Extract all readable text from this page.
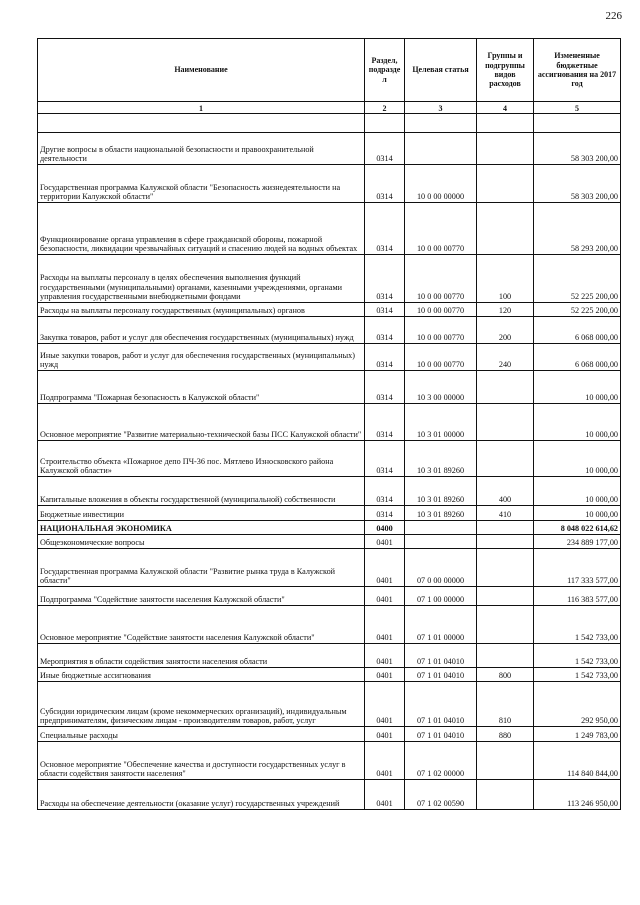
226
Наименование	Раздел, подразде л	Целевая статья	Группы и подгруппы видов расходов	Измененные бюджетные ассигнования на 2017 год
1	2	3	4	5

Другие вопросы в области национальной безопасности и правоохранительной деятельности	0314			58 303 200,00
Государственная программа Калужской области "Безопасность жизнедеятельности на территории Калужской области"	0314	10 0 00 00000		58 303 200,00
Функционирование органа управления в сфере гражданской обороны, пожарной безопасности, ликвидации чрезвычайных ситуаций и спасению людей на водных объектах	0314	10 0 00 00770		58 293 200,00
Расходы на выплаты персоналу в целях обеспечения выполнения функций государственными (муниципальными) органами, казенными учреждениями, органами управления государственными внебюджетными фондами	0314	10 0 00 00770	100	52 225 200,00
Расходы на выплаты персоналу государственных (муниципальных) органов	0314	10 0 00 00770	120	52 225 200,00
Закупка товаров, работ и услуг для обеспечения государственных (муниципальных) нужд	0314	10 0 00 00770	200	6 068 000,00
Иные закупки товаров, работ и услуг для обеспечения государственных (муниципальных) нужд	0314	10 0 00 00770	240	6 068 000,00
Подпрограмма "Пожарная безопасность в Калужской области"	0314	10 3 00 00000		10 000,00
Основное мероприятие "Развитие материально-технической базы ПСС Калужской области"	0314	10 3 01 00000		10 000,00
Строительство объекта «Пожарное депо ПЧ-36 пос. Мятлево Износковского района Калужской области»	0314	10 3 01 89260		10 000,00
Капитальные вложения в объекты государственной (муниципальной) собственности	0314	10 3 01 89260	400	10 000,00
Бюджетные инвестиции	0314	10 3 01 89260	410	10 000,00
НАЦИОНАЛЬНАЯ ЭКОНОМИКА	0400			8 048 022 614,62
Общеэкономические вопросы	0401			234 889 177,00
Государственная программа Калужской области "Развитие рынка труда в Калужской области"	0401	07 0 00 00000		117 333 577,00
Подпрограмма "Содействие занятости населения Калужской области"	0401	07 1 00 00000		116 383 577,00
Основное мероприятие "Содействие занятости населения Калужской области"	0401	07 1 01 00000		1 542 733,00
Мероприятия в области содействия занятости населения области	0401	07 1 01 04010		1 542 733,00
Иные бюджетные ассигнования	0401	07 1 01 04010	800	1 542 733,00
Субсидии юридическим лицам (кроме некоммерческих организаций), индивидуальным предпринимателям, физическим лицам - производителям товаров, работ, услуг	0401	07 1 01 04010	810	292 950,00
Специальные расходы	0401	07 1 01 04010	880	1 249 783,00
Основное мероприятие "Обеспечение качества и доступности государственных услуг в области содействия занятости населения"	0401	07 1 02 00000		114 840 844,00
Расходы на обеспечение деятельности (оказание услуг) государственных учреждений	0401	07 1 02 00590		113 246 950,00
